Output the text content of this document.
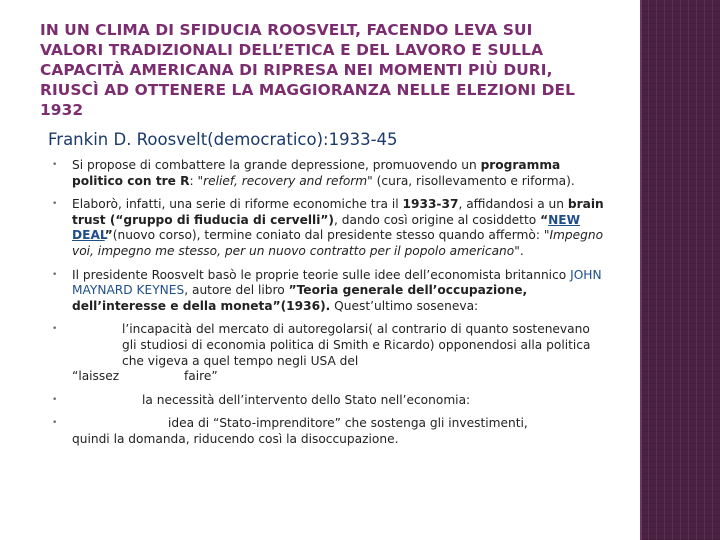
IN UN CLIMA DI SFIDUCIA ROOSVELT, FACENDO LEVA SUI VALORI TRADIZIONALI DELL’ETICA E DEL LAVORO E SULLA CAPACITÀ AMERICANA DI RIPRESA NEI MOMENTI PIÙ DURI, RIUSCÌ AD OTTENERE LA MAGGIORANZA NELLE ELEZIONI DEL 1932
Frankin D. Roosvelt(democratico):1933-45
• Si propose di combattere la grande depressione, promuovendo un programma politico con tre R: "relief, recovery and reform" (cura, risollevamento e riforma).
• Elaborò, infatti, una serie di riforme economiche tra il 1933-37, affidandosi a un brain trust (“gruppo di fiuducia di cervelli”), dando così origine al cosiddetto “NEW DEAL”(nuovo corso), termine coniato dal presidente stesso quando affermò: "Impegno voi, impegno me stesso, per un nuovo contratto per il popolo americano".
• Il presidente Roosvelt basò le proprie teorie sulle idee dell’economista britannico JOHN MAYNARD KEYNES, autore del libro ”Teoria generale dell’occupazione, dell’interesse e della moneta”(1936). Quest’ultimo soseneva:
•	l’incapacità del mercato di autoregolarsi( al contrario di quanto sostenevano gli studiosi di economia politica di Smith e Ricardo) opponendosi alla politica che vigeva a quel tempo negli USA del
“laissez	faire”
•	la necessità dell’intervento dello Stato nell’economia:
•	idea di “Stato-imprenditore” che sostenga gli investimenti,
quindi la domanda, riducendo così la disoccupazione.
